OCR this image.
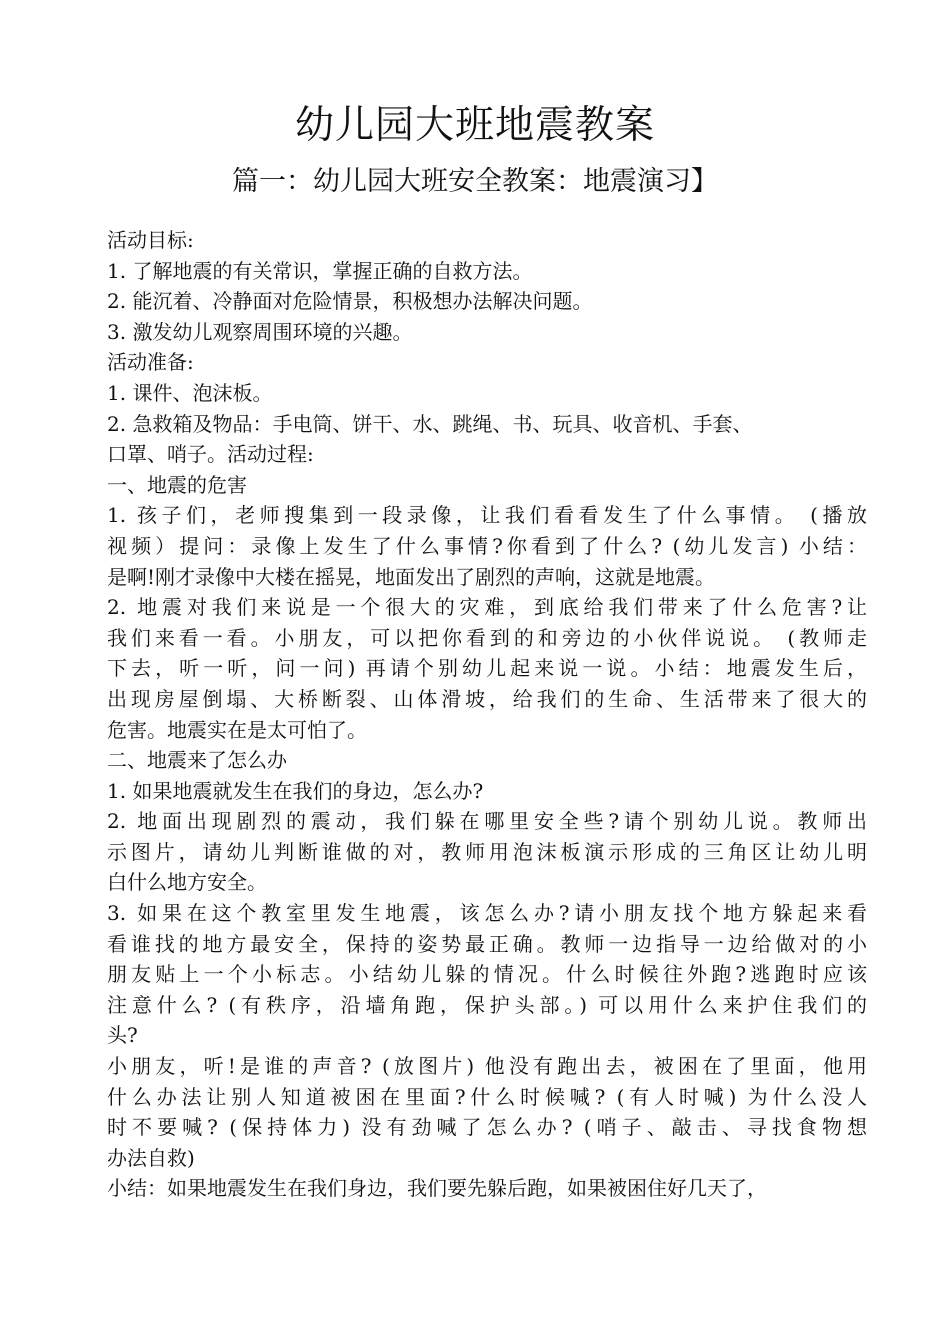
幼儿园大班地震教案
篇一：幼儿园大班安全教案：地震演习】
活动目标:
1. 了解地震的有关常识，掌握正确的自救方法。
2. 能沉着、冷静面对危险情景，积极想办法解决问题。
3. 激发幼儿观察周围环境的兴趣。
活动准备:
1. 课件、泡沫板。
2. 急救箱及物品：手电筒、饼干、水、跳绳、书、玩具、收音机、手套、
口罩、哨子。活动过程:
一、地震的危害
1. 孩子们，老师搜集到一段录像，让我们看看发生了什么事情。 (播放
视频）提问：录像上发生了什么事情?你看到了什么? (幼儿发言) 小结：
是啊!刚才录像中大楼在摇晃，地面发出了剧烈的声响，这就是地震。
2. 地震对我们来说是一个很大的灾难，到底给我们带来了什么危害?让
我们来看一看。小朋友，可以把你看到的和旁边的小伙伴说说。 (教师走
下去，听一听，问一问) 再请个别幼儿起来说一说。小结：地震发生后，
出现房屋倒塌、大桥断裂、山体滑坡，给我们的生命、生活带来了很大的
危害。地震实在是太可怕了。
二、地震来了怎么办
1. 如果地震就发生在我们的身边，怎么办?
2. 地面出现剧烈的震动，我们躲在哪里安全些?请个别幼儿说。教师出
示图片，请幼儿判断谁做的对，教师用泡沫板演示形成的三角区让幼儿明
白什么地方安全。
3. 如果在这个教室里发生地震，该怎么办?请小朋友找个地方躲起来看
看谁找的地方最安全，保持的姿势最正确。教师一边指导一边给做对的小
朋友贴上一个小标志。小结幼儿躲的情况。什么时候往外跑?逃跑时应该
注意什么? (有秩序，沿墙角跑，保护头部。) 可以用什么来护住我们的
头?
小朋友，听!是谁的声音? (放图片) 他没有跑出去，被困在了里面，他用
什么办法让别人知道被困在里面?什么时候喊? (有人时喊) 为什么没人
时不要喊? (保持体力) 没有劲喊了怎么办? (哨子、敲击、寻找食物想
办法自救)
小结：如果地震发生在我们身边，我们要先躲后跑，如果被困住好几天了，
